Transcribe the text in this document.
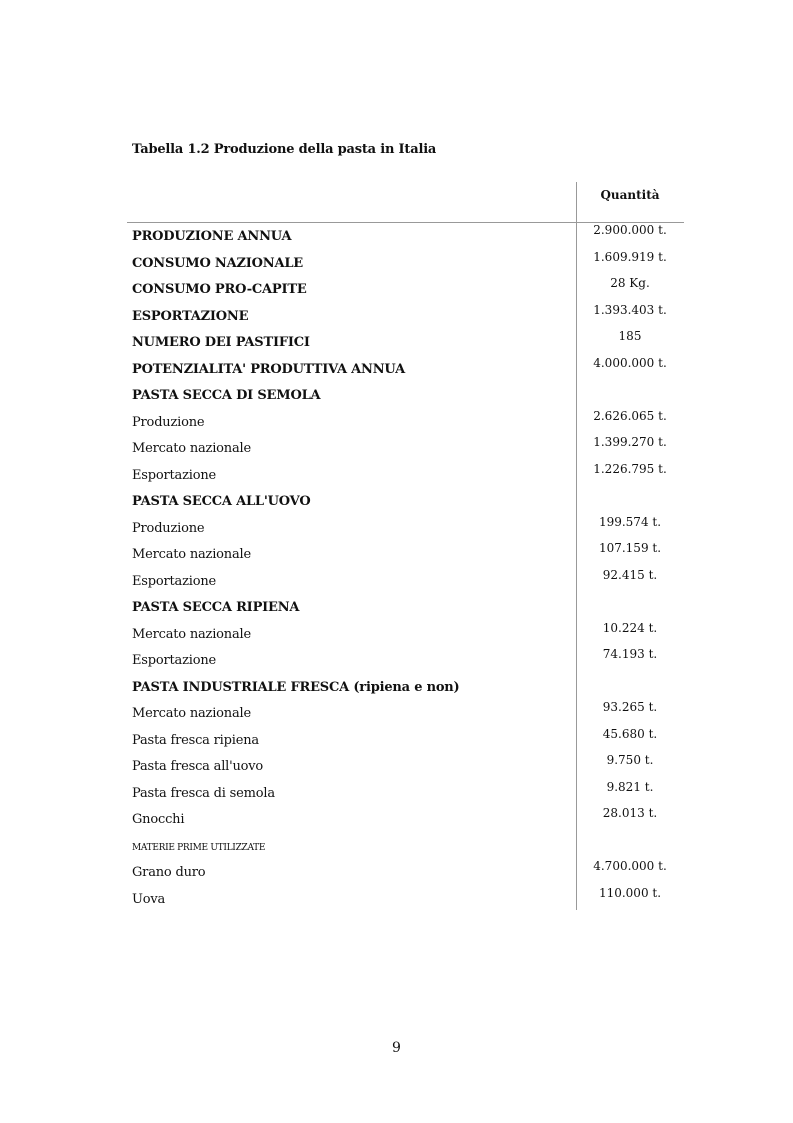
Tabella 1.2 Produzione della pasta in Italia
Quantità
PRODUZIONE ANNUA	2.900.000 t.
CONSUMO NAZIONALE	1.609.919 t.
CONSUMO PRO-CAPITE	28 Kg.
ESPORTAZIONE	1.393.403 t.
NUMERO DEI PASTIFICI	185
POTENZIALITA' PRODUTTIVA ANNUA	4.000.000 t.
PASTA SECCA DI SEMOLA
Produzione	2.626.065 t.
Mercato nazionale	1.399.270 t.
Esportazione	1.226.795 t.
PASTA SECCA ALL'UOVO
Produzione	199.574 t.
Mercato nazionale	107.159 t.
Esportazione	92.415 t.
PASTA SECCA RIPIENA
Mercato nazionale	10.224 t.
Esportazione	74.193 t.
PASTA INDUSTRIALE FRESCA (ripiena e non)
Mercato nazionale	93.265 t.
Pasta fresca ripiena	45.680 t.
Pasta fresca all'uovo	9.750 t.
Pasta fresca di semola	9.821 t.
Gnocchi	28.013 t.
MATERIE PRIME UTILIZZATE
Grano duro	4.700.000 t.
Uova	110.000 t.
9
